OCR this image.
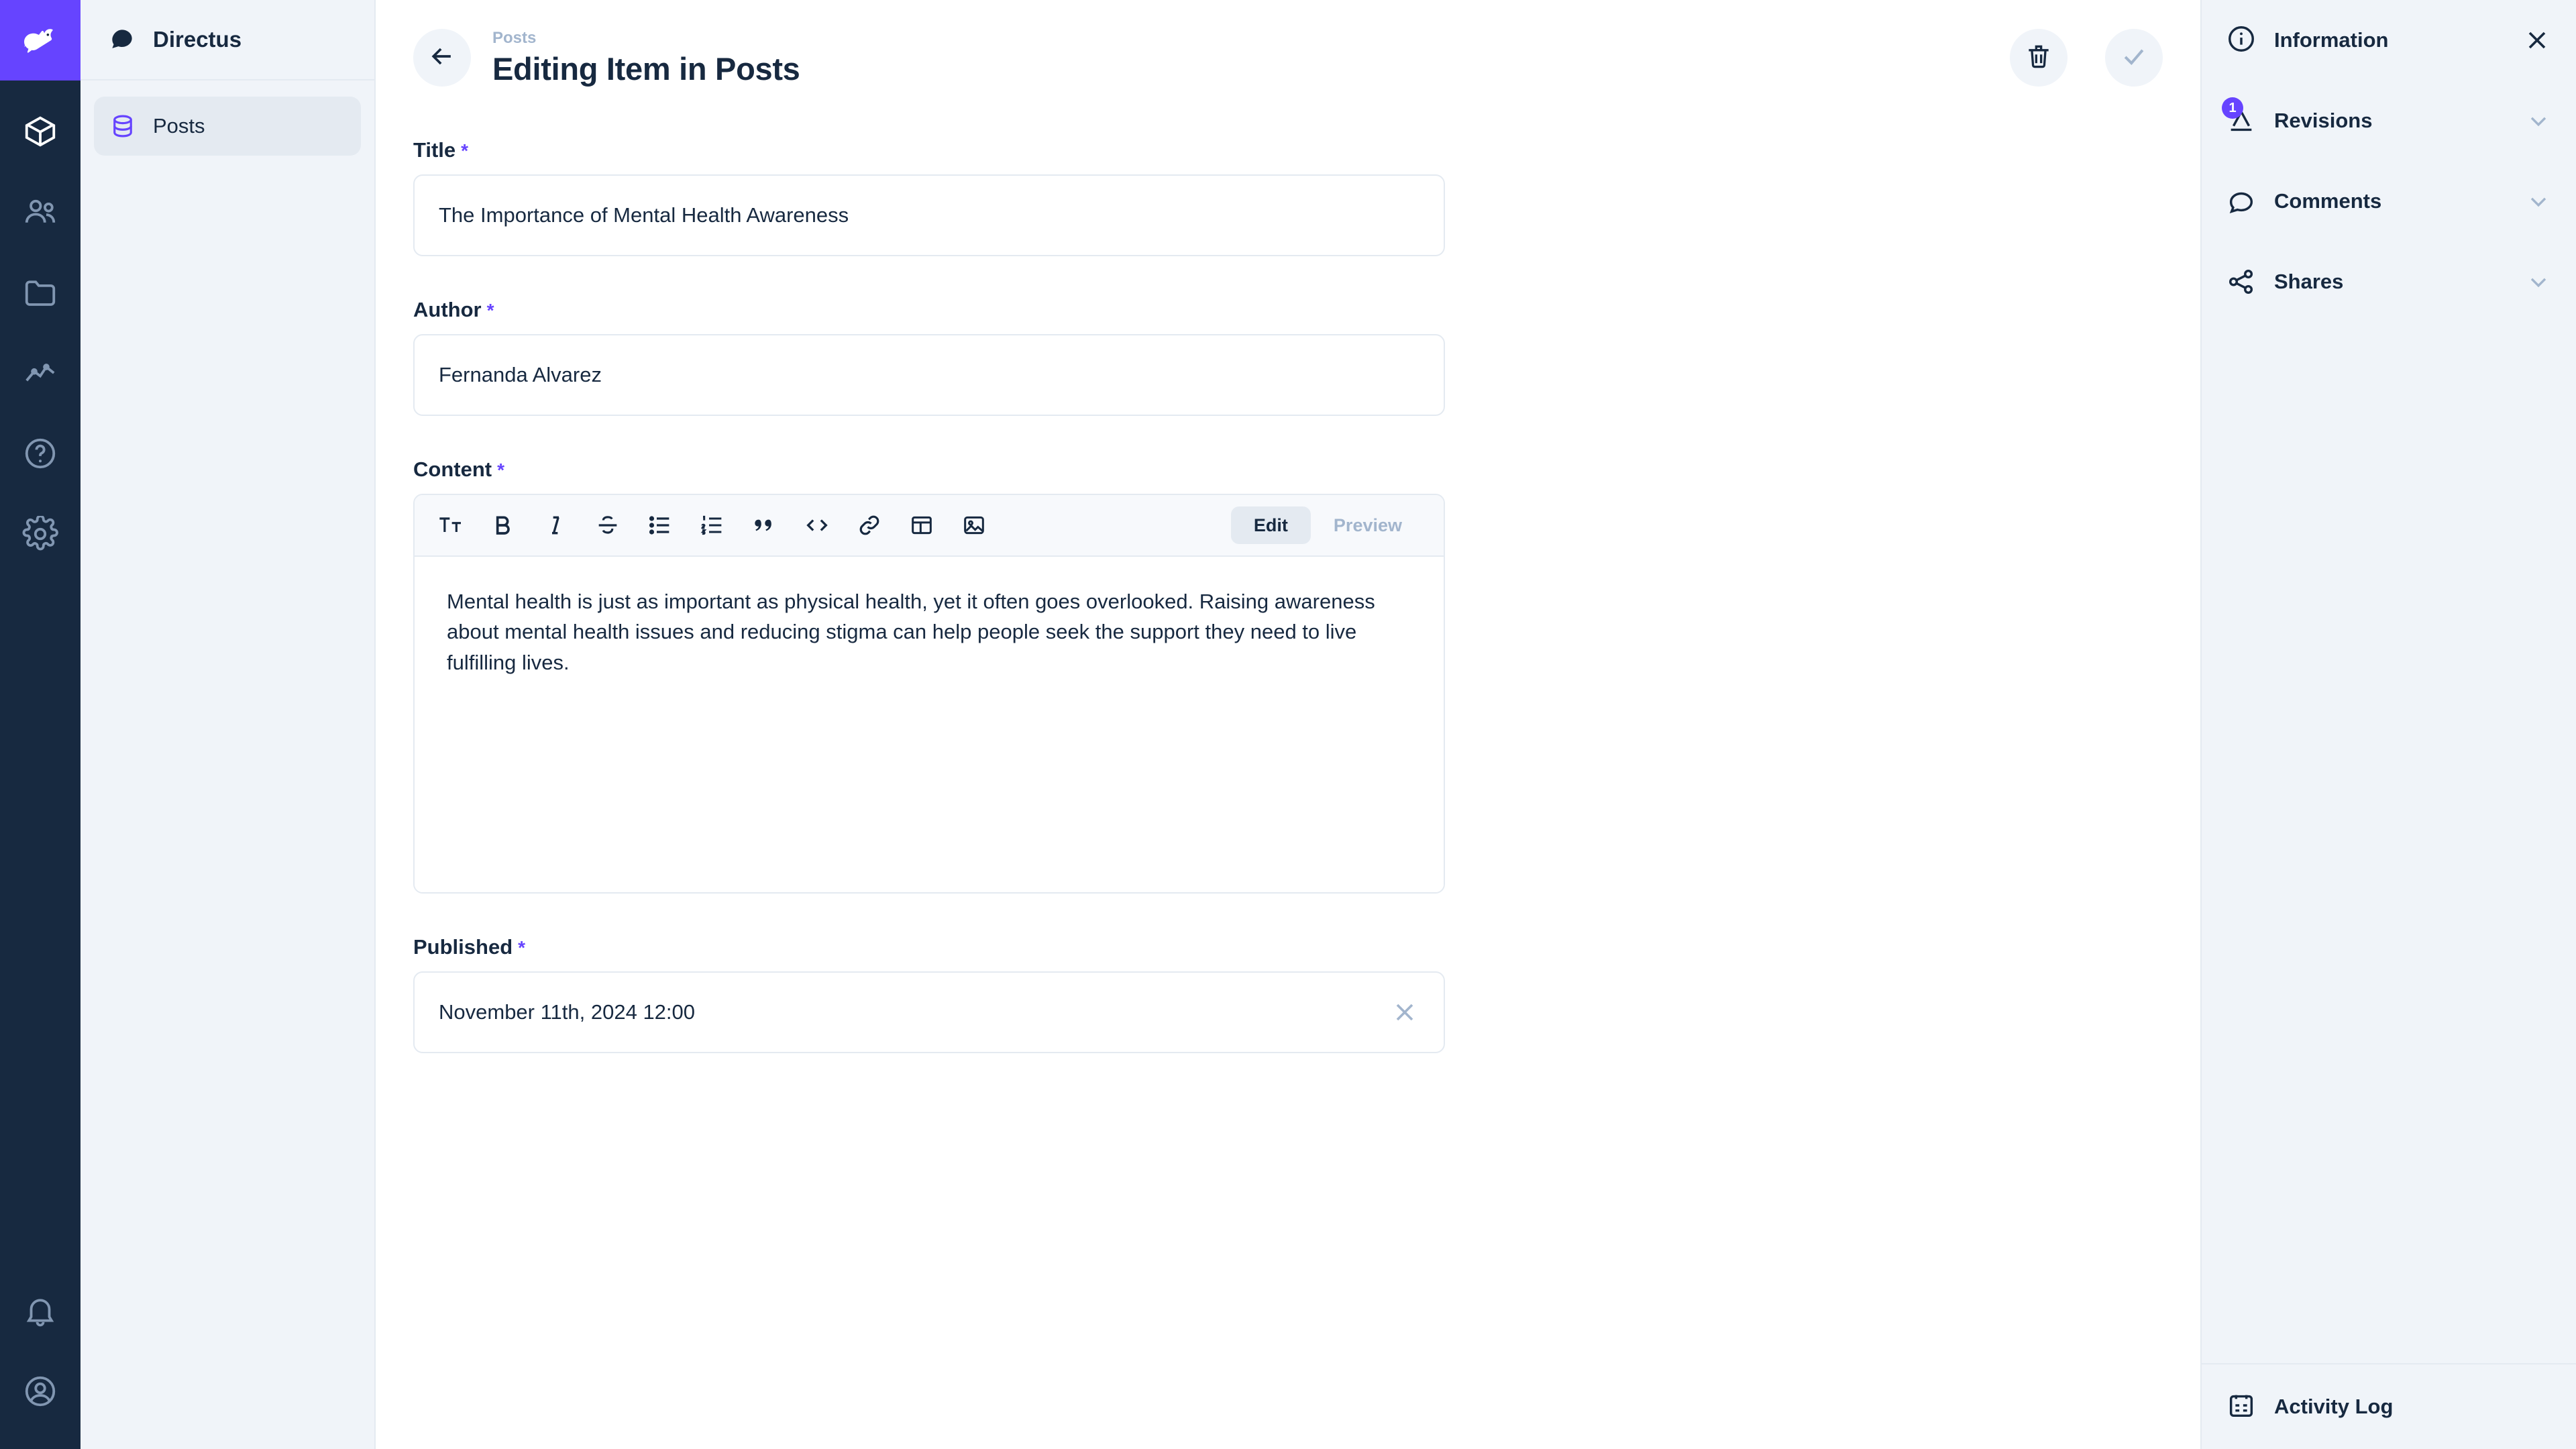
Directus
Posts
Posts
Editing Item in Posts
Title *
The Importance of Mental Health Awareness
Author *
Fernanda Alvarez
Content *
Edit	Preview
Mental health is just as important as physical health, yet it often goes overlooked. Raising awareness about mental health issues and reducing stigma can help people seek the support they need to live fulfilling lives.
Published *
November 11th, 2024 12:00
Information
1
Revisions
Comments
Shares
Activity Log
